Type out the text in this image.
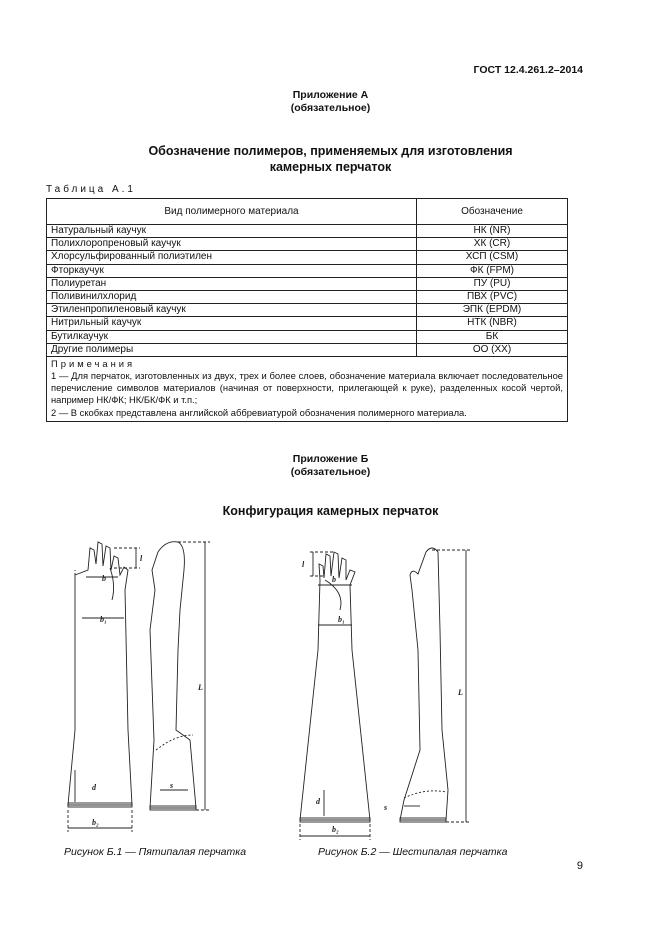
ГОСТ 12.4.261.2–2014
Приложение А
(обязательное)
Обозначение полимеров, применяемых для изготовления
камерных перчаток
Таблица А.1
Вид полимерного материала	Обозначение
Натуральный каучук	НК (NR)
Полихлоропреновый каучук	ХК (CR)
Хлорсульфированный полиэтилен	ХСП (CSM)
Фторкаучук	ФК (FPM)
Полиуретан	ПУ (PU)
Поливинилхлорид	ПВХ (PVC)
Этиленпропиленовый каучук	ЭПК (EPDM)
Нитрильный каучук	НТК (NBR)
Бутилкаучук	БК
Другие полимеры	ОО (XX)

Примечания
1 — Для перчаток, изготовленных из двух, трех и более слоев, обозначение материала включает последовательное перечисление символов материалов (начиная от поверхности, прилегающей к руке), разделенных косой чертой, например НК/ФК; НК/БК/ФК и т.п.;
2 — В скобках представлена английской аббревиатурой обозначения полимерного материала.	
Приложение Б
(обязательное)
Конфигурация камерных перчаток
b
b₁
b₂
l
d
L
s
l
b
b₁
b₂
d
L
s
Рисунок Б.1 — Пятипалая перчатка	Рисунок Б.2 — Шестипалая перчатка
9
